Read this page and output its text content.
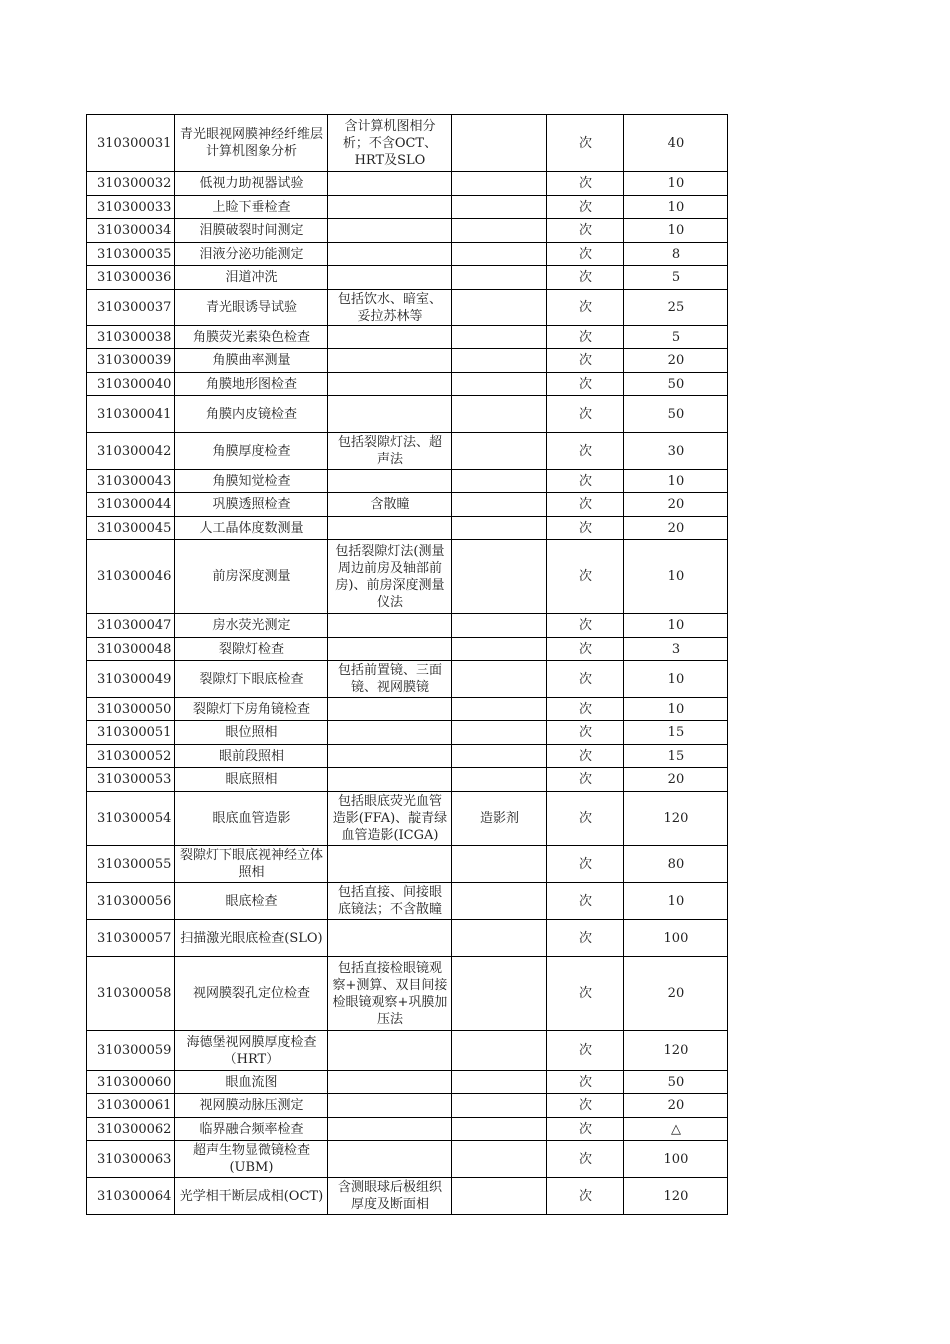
310300031	青光眼视网膜神经纤维层计算机图象分析	含计算机图相分析；不含OCT、HRT及SLO		次	40
310300032	低视力助视器试验			次	10
310300033	上睑下垂检查			次	10
310300034	泪膜破裂时间测定			次	10
310300035	泪液分泌功能测定			次	8
310300036	泪道冲洗			次	5
310300037	青光眼诱导试验	包括饮水、暗室、妥拉苏林等		次	25
310300038	角膜荧光素染色检查			次	5
310300039	角膜曲率测量			次	20
310300040	角膜地形图检查			次	50
310300041	角膜内皮镜检查			次	50
310300042	角膜厚度检查	包括裂隙灯法、超声法		次	30
310300043	角膜知觉检查			次	10
310300044	巩膜透照检查	含散瞳		次	20
310300045	人工晶体度数测量			次	20
310300046	前房深度测量	包括裂隙灯法(测量周边前房及轴部前房)、前房深度测量仪法		次	10
310300047	房水荧光测定			次	10
310300048	裂隙灯检查			次	3
310300049	裂隙灯下眼底检查	包括前置镜、三面镜、视网膜镜		次	10
310300050	裂隙灯下房角镜检查			次	10
310300051	眼位照相			次	15
310300052	眼前段照相			次	15
310300053	眼底照相			次	20
310300054	眼底血管造影	包括眼底荧光血管造影(FFA)、靛青绿血管造影(ICGA)	造影剂	次	120
310300055	裂隙灯下眼底视神经立体照相			次	80
310300056	眼底检查	包括直接、间接眼底镜法；不含散瞳		次	10
310300057	扫描激光眼底检查(SLO)			次	100
310300058	视网膜裂孔定位检查	包括直接检眼镜观察+测算、双目间接检眼镜观察+巩膜加压法		次	20
310300059	海德堡视网膜厚度检查（HRT）			次	120
310300060	眼血流图			次	50
310300061	视网膜动脉压测定			次	20
310300062	临界融合频率检查			次	△
310300063	超声生物显微镜检查(UBM)			次	100
310300064	光学相干断层成相(OCT)	含测眼球后极组织厚度及断面相		次	120
